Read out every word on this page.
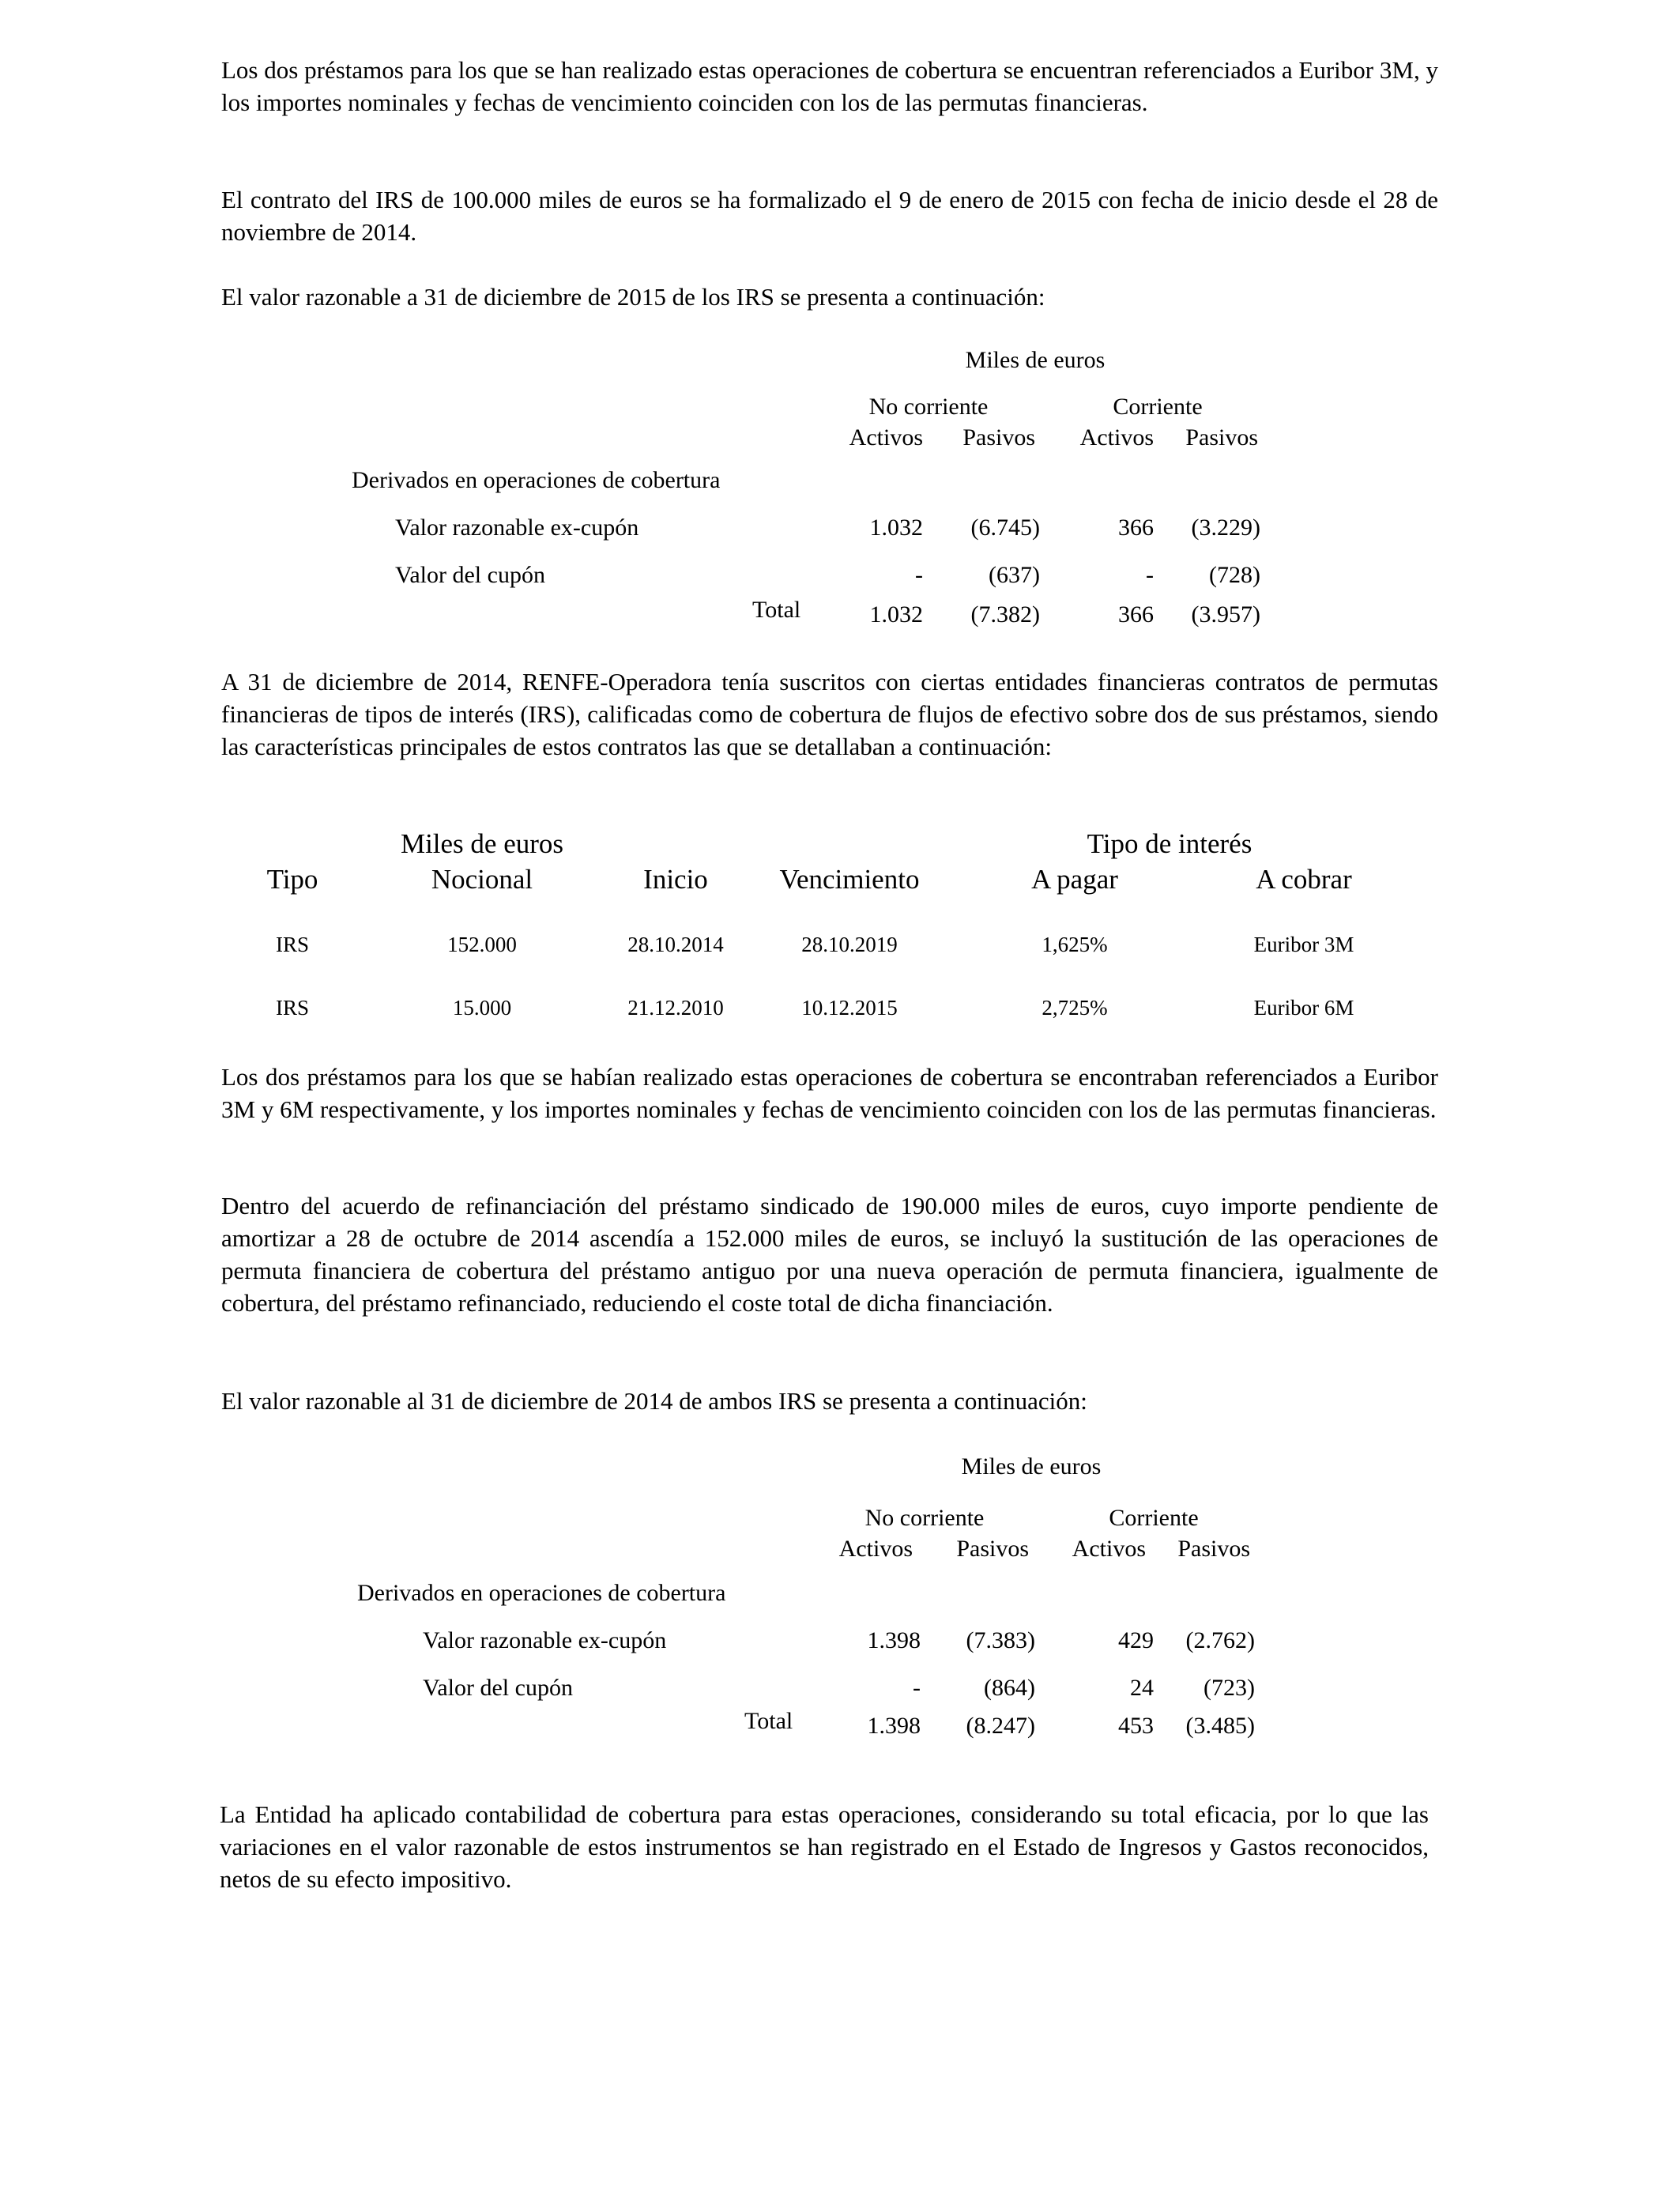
Los dos préstamos para los que se han realizado estas operaciones de cobertura se encuentran referenciados a Euribor 3M, y los importes nominales y fechas de vencimiento coinciden con los de las permutas financieras.

El contrato del IRS de 100.000 miles de euros se ha formalizado el 9 de enero de 2015 con fecha de inicio desde el 28 de noviembre de 2014.

El valor razonable a 31 de diciembre de 2015 de los IRS se presenta a continuación:

Miles de euros
No corriente	Corriente
Activos	Pasivos	Activos	Pasivos
Derivados en operaciones de cobertura
Valor razonable ex-cupón	1.032	(6.745)	366	(3.229)
Valor del cupón	-	(637)	-	(728)
Total	1.032	(7.382)	366	(3.957)

A 31 de diciembre de 2014, RENFE-Operadora tenía suscritos con ciertas entidades financieras contratos de permutas financieras de tipos de interés (IRS), calificadas como de cobertura de flujos de efectivo sobre dos de sus préstamos, siendo las características principales de estos contratos las que se detallaban a continuación:

Miles de euros	Tipo de interés
Tipo	Nocional	Inicio	Vencimiento	A pagar	A cobrar
IRS	152.000	28.10.2014	28.10.2019	1,625%	Euribor 3M
IRS	15.000	21.12.2010	10.12.2015	2,725%	Euribor 6M

Los dos préstamos para los que se habían realizado estas operaciones de cobertura se encontraban referenciados a Euribor 3M y 6M respectivamente, y los importes nominales y fechas de vencimiento coinciden con los de las permutas financieras.

Dentro del acuerdo de refinanciación del préstamo sindicado de 190.000 miles de euros, cuyo importe pendiente de amortizar a 28 de octubre de 2014 ascendía a 152.000 miles de euros, se incluyó la sustitución de las operaciones de permuta financiera de cobertura del préstamo antiguo por una nueva operación de permuta financiera, igualmente de cobertura, del préstamo refinanciado, reduciendo el coste total de dicha financiación.

El valor razonable al 31 de diciembre de 2014 de ambos IRS se presenta a continuación:

Miles de euros
No corriente	Corriente
Activos	Pasivos	Activos	Pasivos
Derivados en operaciones de cobertura
Valor razonable ex-cupón	1.398	(7.383)	429	(2.762)
Valor del cupón	-	(864)	24	(723)
Total	1.398	(8.247)	453	(3.485)

La Entidad ha aplicado contabilidad de cobertura para estas operaciones, considerando su total eficacia, por lo que las variaciones en el valor razonable de estos instrumentos se han registrado en el Estado de Ingresos y Gastos reconocidos, netos de su efecto impositivo.
